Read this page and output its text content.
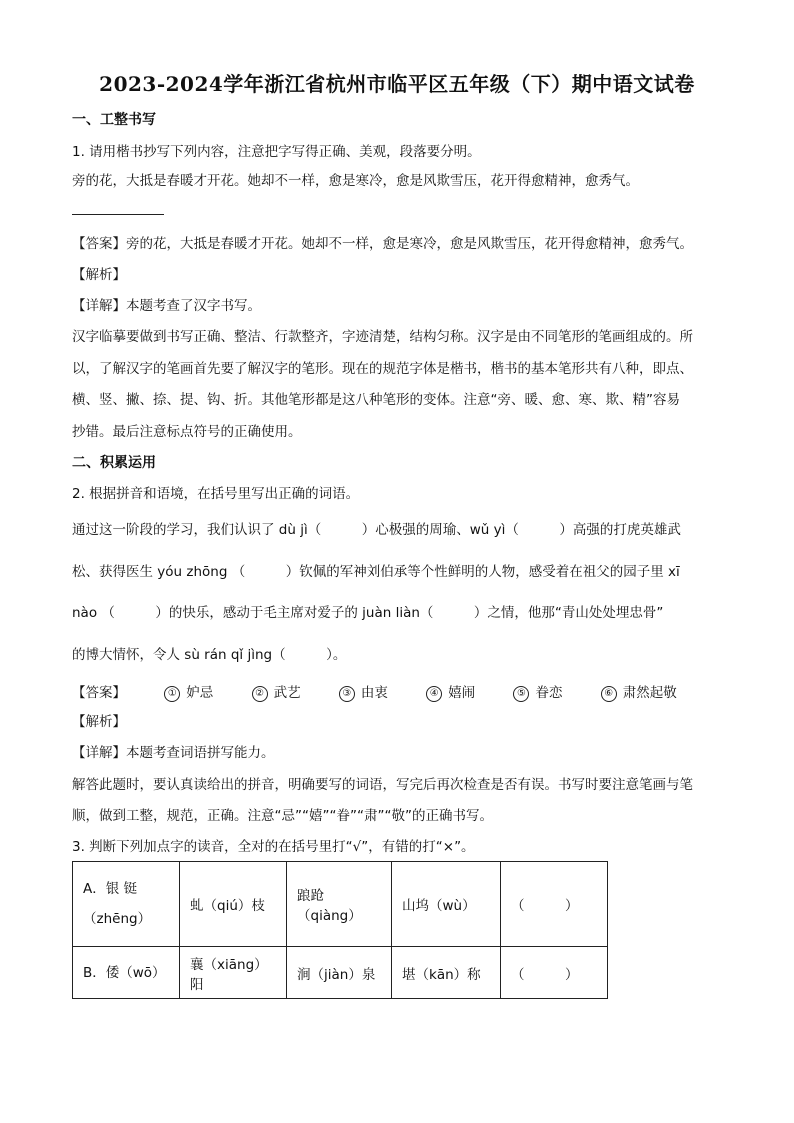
2023-2024学年浙江省杭州市临平区五年级（下）期中语文试卷
一、工整书写
1. 请用楷书抄写下列内容，注意把字写得正确、美观，段落要分明。
旁的花，大抵是春暖才开花。她却不一样，愈是寒冷，愈是风欺雪压，花开得愈精神，愈秀气。
【答案】旁的花，大抵是春暖才开花。她却不一样，愈是寒冷，愈是风欺雪压，花开得愈精神，愈秀气。
【解析】
【详解】本题考查了汉字书写。
汉字临摹要做到书写正确、整洁、行款整齐，字迹清楚，结构匀称。汉字是由不同笔形的笔画组成的。所
以，了解汉字的笔画首先要了解汉字的笔形。现在的规范字体是楷书，楷书的基本笔形共有八种，即点、
横、竖、撇、捺、提、钩、折。其他笔形都是这八种笔形的变体。注意“旁、暖、愈、寒、欺、精”容易
抄错。最后注意标点符号的正确使用。
二、积累运用
2. 根据拼音和语境，在括号里写出正确的词语。
通过这一阶段的学习，我们认识了 dù jì（　　　）心极强的周瑜、wǔ yì（　　　）高强的打虎英雄武
松、获得医生 yóu zhōng （　　　）钦佩的军神刘伯承等个性鲜明的人物，感受着在祖父的园子里 xī
nào （　　　）的快乐，感动于毛主席对爱子的 juàn liàn（　　　）之情，他那“青山处处埋忠骨”
的博大情怀，令人 sù rán qǐ jìng（　　　）。
【答案】	① 妒忌	② 武艺	③ 由衷	④ 嬉闹	⑤ 眷恋	⑥ 肃然起敬
【解析】
【详解】本题考查词语拼写能力。
解答此题时，要认真读给出的拼音，明确要写的词语，写完后再次检查是否有误。书写时要注意笔画与笔
顺，做到工整，规范，正确。注意“忌”“嬉”“眷”“肃”“敬”的正确书写。
3. 判断下列加点字的读音，全对的在括号里打“√”，有错的打“×”。
A．银 铤（zhēng）	虬（qiú）枝	踉跄（qiàng）	山坞（wù）	（　　　）
B．倭（wō）	襄（xiāng）阳	涧（jiàn）泉	堪（kān）称	（　　　）
